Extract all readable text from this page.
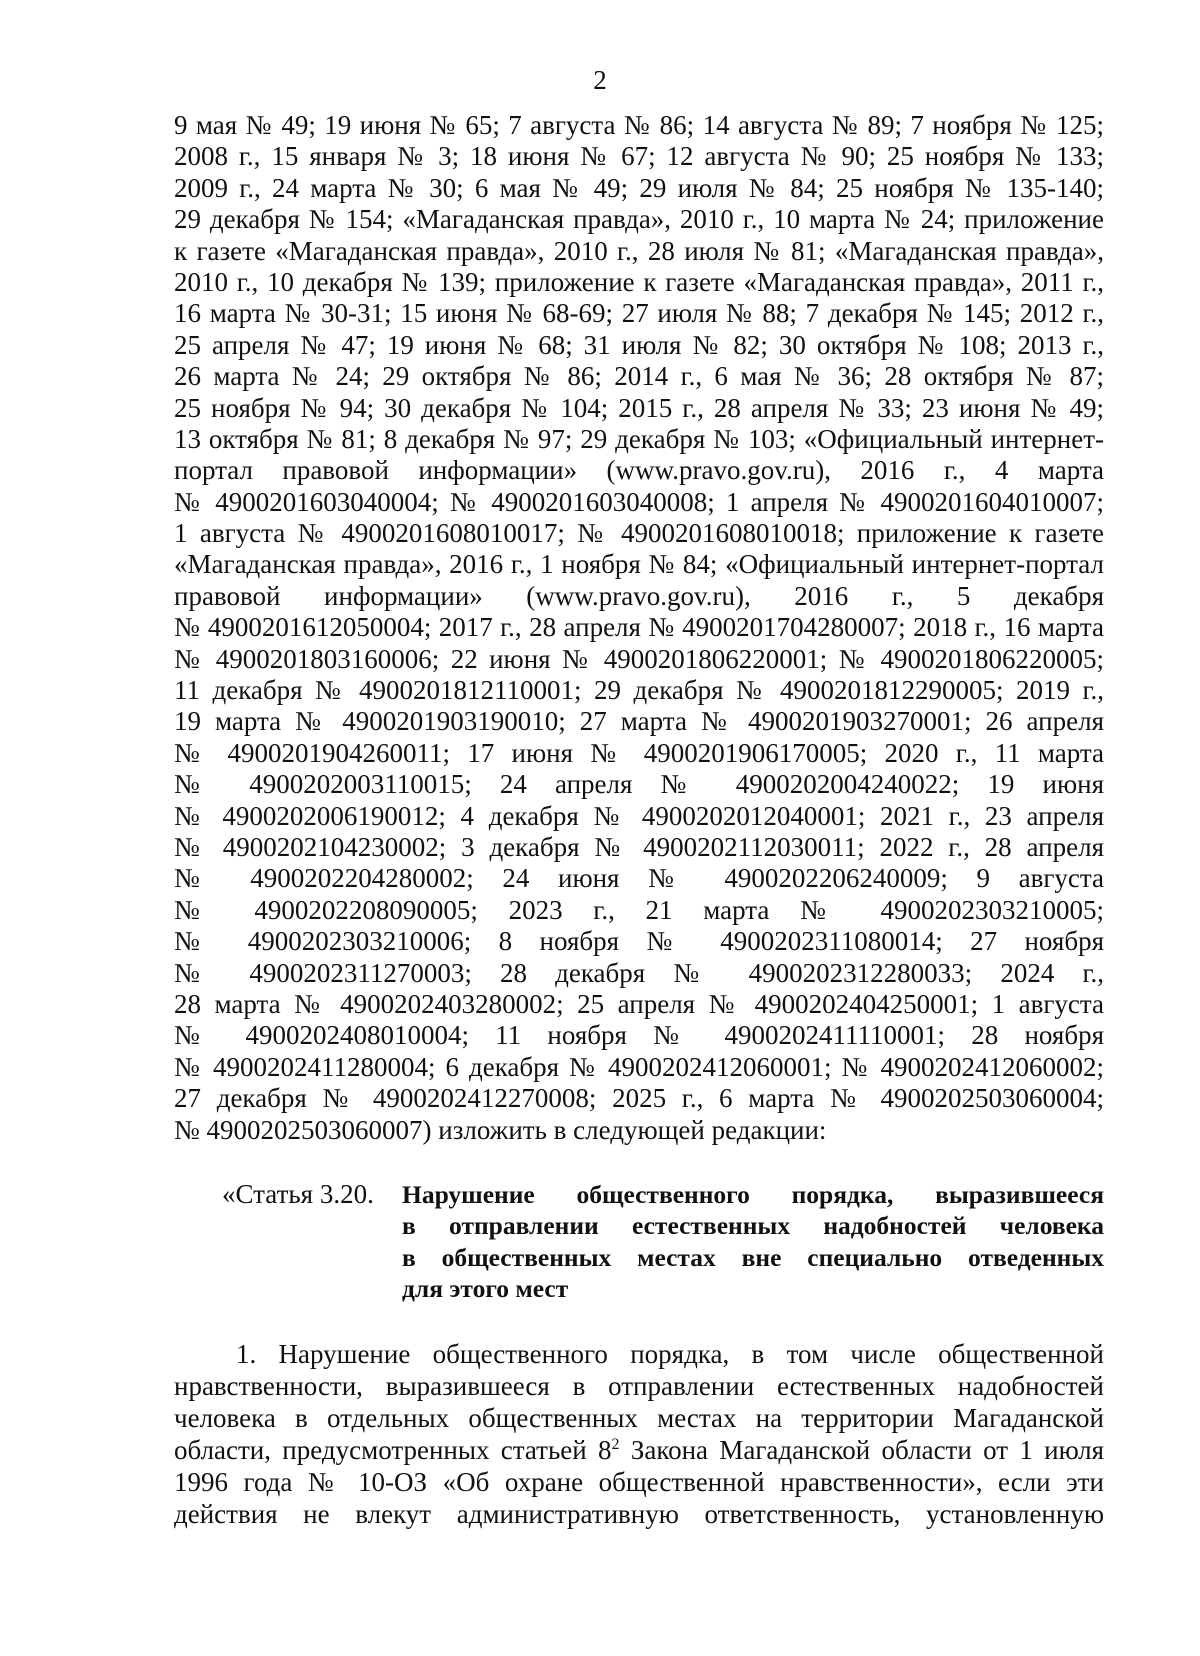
2
9 мая № 49; 19 июня № 65; 7 августа № 86; 14 августа № 89; 7 ноября № 125;
2008 г., 15 января № 3; 18 июня № 67; 12 августа № 90; 25 ноября № 133;
2009 г., 24 марта № 30; 6 мая № 49; 29 июля № 84; 25 ноября № 135-140;
29 декабря № 154; «Магаданская правда», 2010 г., 10 марта № 24; приложение
к газете «Магаданская правда», 2010 г., 28 июля № 81; «Магаданская правда»,
2010 г., 10 декабря № 139; приложение к газете «Магаданская правда», 2011 г.,
16 марта № 30-31; 15 июня № 68-69; 27 июля № 88; 7 декабря № 145; 2012 г.,
25 апреля № 47; 19 июня № 68; 31 июля № 82; 30 октября № 108; 2013 г.,
26 марта № 24; 29 октября № 86; 2014 г., 6 мая № 36; 28 октября № 87;
25 ноября № 94; 30 декабря № 104; 2015 г., 28 апреля № 33; 23 июня № 49;
13 октября № 81; 8 декабря № 97; 29 декабря № 103; «Официальный интернет-
портал правовой информации» (www.pravo.gov.ru), 2016 г., 4 марта
№ 4900201603040004; № 4900201603040008; 1 апреля № 4900201604010007;
1 августа № 4900201608010017; № 4900201608010018; приложение к газете
«Магаданская правда», 2016 г., 1 ноября № 84; «Официальный интернет-портал
правовой информации» (www.pravo.gov.ru), 2016 г., 5 декабря
№ 4900201612050004; 2017 г., 28 апреля № 4900201704280007; 2018 г., 16 марта
№ 4900201803160006; 22 июня № 4900201806220001; № 4900201806220005;
11 декабря № 4900201812110001; 29 декабря № 4900201812290005; 2019 г.,
19 марта № 4900201903190010; 27 марта № 4900201903270001; 26 апреля
№ 4900201904260011; 17 июня № 4900201906170005; 2020 г., 11 марта
№ 4900202003110015; 24 апреля № 4900202004240022; 19 июня
№ 4900202006190012; 4 декабря № 4900202012040001; 2021 г., 23 апреля
№ 4900202104230002; 3 декабря № 4900202112030011; 2022 г., 28 апреля
№ 4900202204280002; 24 июня № 4900202206240009; 9 августа
№ 4900202208090005; 2023 г., 21 марта № 4900202303210005;
№ 4900202303210006; 8 ноября № 4900202311080014; 27 ноября
№ 4900202311270003; 28 декабря № 4900202312280033; 2024 г.,
28 марта № 4900202403280002; 25 апреля № 4900202404250001; 1 августа
№ 4900202408010004; 11 ноября № 4900202411110001; 28 ноября
№ 4900202411280004; 6 декабря № 4900202412060001; № 4900202412060002;
27 декабря № 4900202412270008; 2025 г., 6 марта № 4900202503060004;
№ 4900202503060007) изложить в следующей редакции:
«Статья 3.20. Нарушение общественного порядка, выразившееся
в отправлении естественных надобностей человека
в общественных местах вне специально отведенных
для этого мест
1. Нарушение общественного порядка, в том числе общественной
нравственности, выразившееся в отправлении естественных надобностей
человека в отдельных общественных местах на территории Магаданской
области, предусмотренных статьей $8^2$ Закона Магаданской области от 1 июля
1996 года № 10-ОЗ «Об охране общественной нравственности», если эти
действия не влекут административную ответственность, установленную
